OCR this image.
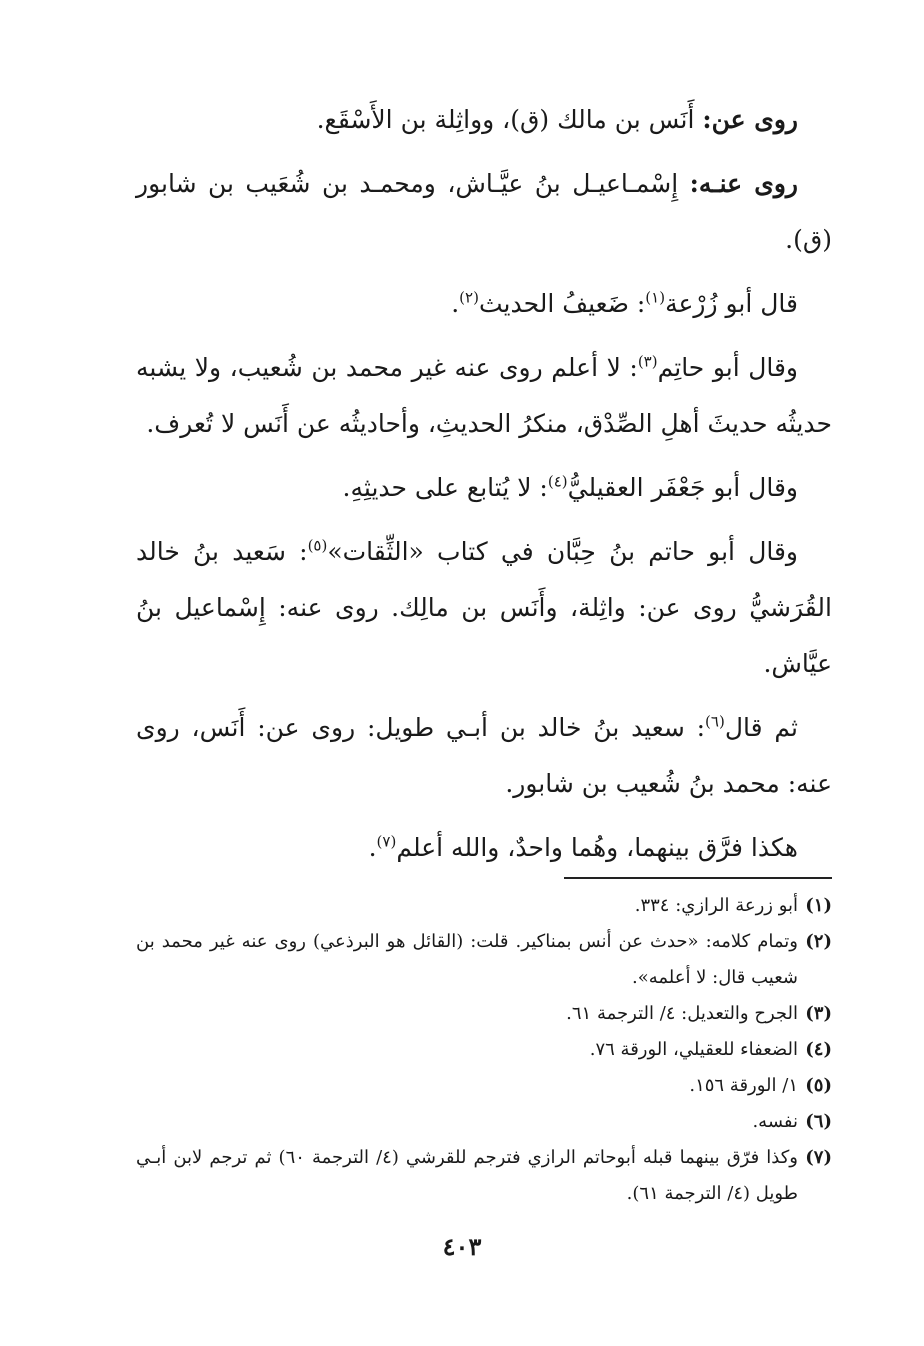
روى عن: أَنَس بن مالك (ق)، وواثِلة بن الأَسْقَع.

روى عنـه: إِسْمـاعيـل بنُ عيَّـاش، ومحمـد بن شُعَيب بن شابور (ق).

قال أبو زُرْعة$^{(١)}$: ضَعيفُ الحديث$^{(٢)}$.

وقال أبو حاتِم$^{(٣)}$: لا أعلم روى عنه غير محمد بن شُعيب، ولا يشبه حديثُه حديثَ أهلِ الصِّدْق، منكرُ الحديثِ، وأحاديثُه عن أَنَس لا تُعرف.

وقال أبو جَعْفَر العقيليُّ$^{(٤)}$: لا يُتابع على حديثِهِ.

وقال أبو حاتم بنُ حِبَّان في كتاب «الثِّقات»$^{(٥)}$: سَعيد بنُ خالد القُرَشيُّ روى عن: واثِلة، وأَنَس بن مالِك. روى عنه: إِسْماعيل بنُ عيَّاش.

ثم قال$^{(٦)}$: سعيد بنُ خالد بن أبـي طويل: روى عن: أَنَس، روى عنه: محمد بنُ شُعيب بن شابور.

هكذا فرَّق بينهما، وهُما واحدٌ، والله أعلم$^{(٧)}$.

(١)
أبو زرعة الرازي: ٣٣٤.
(٢)
وتمام كلامه: «حدث عن أنس بمناكير. قلت: (القائل هو البرذعي) روى عنه غير محمد بن شعيب قال: لا أعلمه».
(٣)
الجرح والتعديل: ٤/ الترجمة ٦١.
(٤)
الضعفاء للعقيلي، الورقة ٧٦.
(٥)
١/ الورقة ١٥٦.
(٦)
نفسه.
(٧)
وكذا فرّق بينهما قبله أبوحاتم الرازي فترجم للقرشي (٤/ الترجمة ٦٠) ثم ترجم لابن أبـي طويل (٤/ الترجمة ٦١).
٤٠٣
